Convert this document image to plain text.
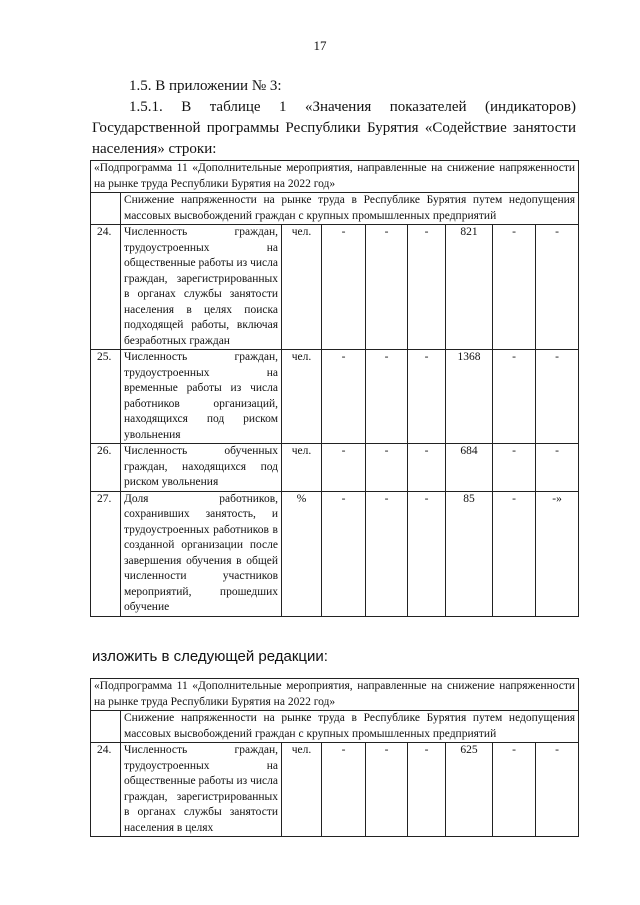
17
1.5. В приложении № 3:
1.5.1. В таблице 1 «Значения показателей (индикаторов) Государственной программы Республики Бурятия «Содействие занятости населения» строки:
«Подпрограмма 11 «Дополнительные мероприятия, направленные на снижение напряженности на рынке труда Республики Бурятия на 2022 год»								
	Снижение напряженности на рынке труда в Республике Бурятия путем недопущения массовых высвобождений граждан с крупных промышленных предприятий							
24.	Численность граждан, трудоустроенных на общественные работы из числа граждан, зарегистрированных в органах службы занятости населения в целях поиска подходящей работы, включая безработных граждан	чел.	-	-	-	821	-	-
25.	Численность граждан, трудоустроенных на временные работы из числа работников организаций, находящихся под риском увольнения	чел.	-	-	-	1368	-	-
26.	Численность обученных граждан, находящихся под риском увольнения	чел.	-	-	-	684	-	-
27.	Доля работников, сохранивших занятость, и трудоустроенных работников в созданной организации после завершения обучения в общей численности участников мероприятий, прошедших обучение	%	-	-	-	85	-	-»
изложить в следующей редакции:
«Подпрограмма 11 «Дополнительные мероприятия, направленные на снижение напряженности на рынке труда Республики Бурятия на 2022 год»								
	Снижение напряженности на рынке труда в Республике Бурятия путем недопущения массовых высвобождений граждан с крупных промышленных предприятий							
24.	Численность граждан, трудоустроенных на общественные работы из числа граждан, зарегистрированных в органах службы занятости населения в целях	чел.	-	-	-	625	-	-
